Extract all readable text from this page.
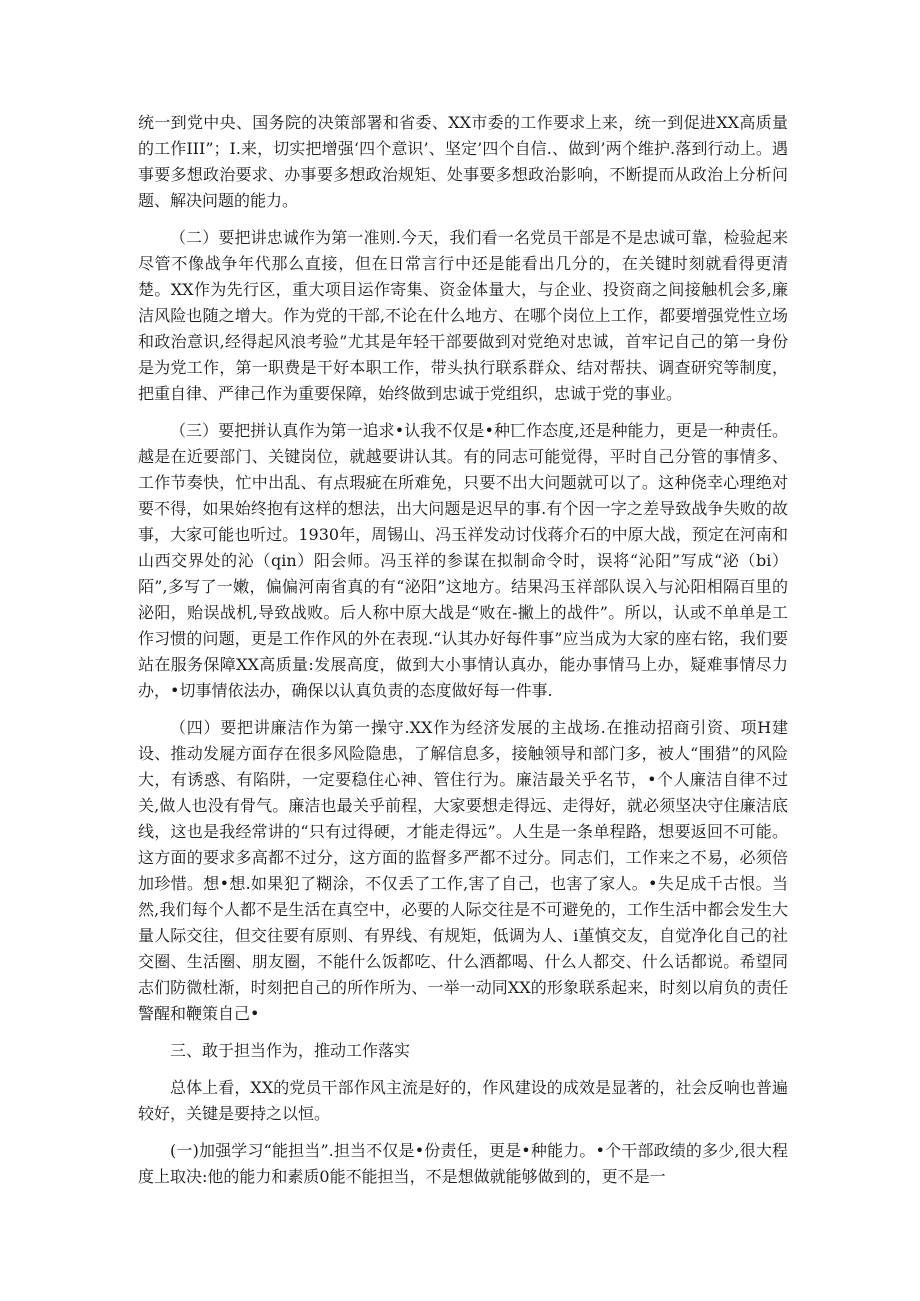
统一到党中央、国务院的决策部署和省委、XX市委的工作要求上来，统一到促进XX高质量的工作III”；I.来，切实把增强‘四个意识’、坚定’四个自信.、做到’两个维护.落到行动上。遇事要多想政治要求、办事要多想政治规矩、处事要多想政治影响，不断提而从政治上分析问题、解决问题的能力。

（二）要把讲忠诚作为第一准则.今天，我们看一名党员干部是不是忠诚可靠，检验起来尽管不像战争年代那么直接，但在日常言行中还是能看出几分的，在关键时刻就看得更清楚。XX作为先行区，重大项目运作寄集、资金体量大，与企业、投资商之间接触机会多,廉洁风险也随之增大。作为党的干部,不论在什么地方、在哪个岗位上工作，都要增强党性立场和政治意识,经得起风浪考验”尤其是年轻干部要做到对党绝对忠诚，首牢记自己的第一身份是为党工作，第一职费是干好本职工作，带头执行联系群众、结对帮扶、调查研究等制度，把重自律、严律己作为重要保障，始终做到忠诚于党组织，忠诚于党的事业。

（三）要把拼认真作为第一追求•认我不仅是•种匸作态度,还是种能力，更是一种责任。越是在近要部门、关键岗位，就越要讲认其。有的同志可能觉得，平时自己分管的事情多、工作节奏快，忙中出乱、有点瑕疵在所难免，只要不出大问题就可以了。这种侥幸心理绝对要不得，如果始终抱有这样的想法，出大问题是迟早的事.有个因一字之差导致战争失败的故事，大家可能也听过。1930年，周锡山、冯玉祥发动讨伐蒋介石的中原大战，预定在河南和山西交界处的沁（qin）阳会师。冯玉祥的参谋在拟制命令时，误将“沁阳”写成“泌（bi）陌”,多写了一嫩，偏偏河南省真的有“泌阳”这地方。结果冯玉祥部队误入与沁阳相隔百里的泌阳，贻误战机,导致战败。后人称中原大战是“败在-撇上的战件”。所以，认或不单单是工作习惯的问题，更是工作作风的外在表现.“认其办好每件事”应当成为大家的座右铭，我们要站在服务保障XX高质量:发展高度，做到大小事情认真办，能办事情马上办，疑难事情尽力办，•切事情依法办，确保以认真负责的态度做好每一件事.

（四）要把讲廉洁作为第一操守.XX作为经济发展的主战场.在推动招商引资、项H建设、推动发屣方面存在很多风险隐患，了解信息多，接触领导和部门多，被人“围猎”的风险大，有诱惑、有陷阱，一定要稳住心神、管住行为。廉洁最关乎名节，•个人廉洁自律不过关,做人也没有骨气。廉洁也最关乎前程，大家要想走得远、走得好，就必须坚决守住廉洁底线，这也是我经常讲的“只有过得硬，才能走得远”。人生是一条单程路，想要返回不可能。这方面的要求多高都不过分，这方面的监督多严都不过分。同志们，工作来之不易，必须倍加珍惜。想•想.如果犯了糊涂，不仅丢了工作,害了自己，也害了家人。•失足成千古恨。当然,我们每个人都不是生活在真空中，必要的人际交往是不可避免的，工作生活中都会发生大量人际交往，但交往要有原则、有界线、有规矩，低调为人、i堇慎交友，自觉净化自己的社交圈、生活圈、朋友圈，不能什么饭都吃、什么酒都喝、什么人都交、什么话都说。希望同志们防微杜渐，时刻把自己的所作所为、一举一动同XX的形象联系起来，时刻以肩负的责任警醒和鞭策自己•

三、敢于担当作为，推动工作落实

总体上看，XX的党员干部作风主流是好的，作风建设的成效是显著的，社会反响也普遍较好，关键是要持之以恒。

(一)加强学习“能担当”.担当不仅是•份责任，更是•种能力。•个干部政绩的多少,很大程度上取决:他的能力和素质0能不能担当，不是想做就能够做到的，更不是一
